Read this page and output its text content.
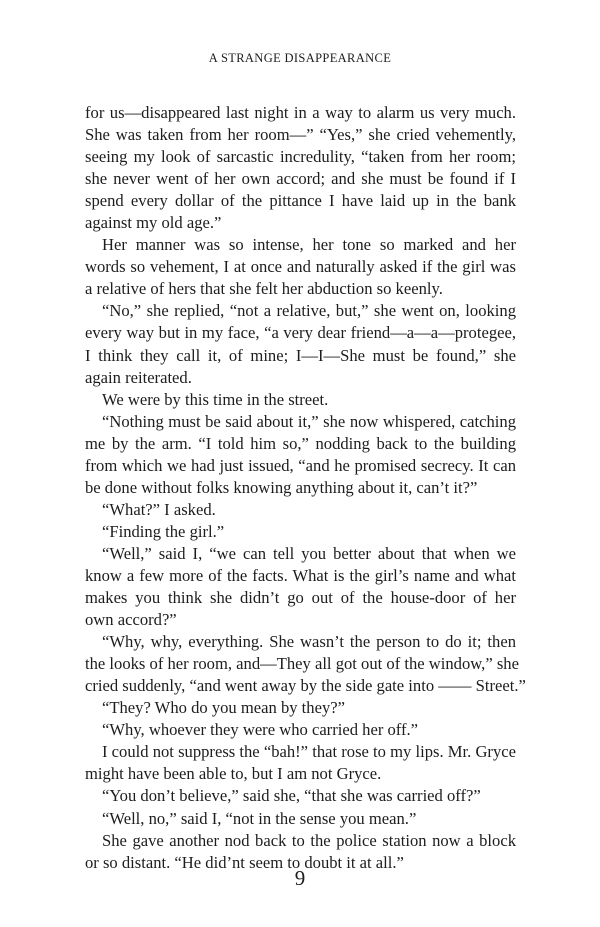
A STRANGE DISAPPEARANCE
for us—disappeared last night in a way to alarm us very much.
She was taken from her room—” “Yes,” she cried vehemently,
seeing my look of sarcastic incredulity, “taken from her room;
she never went of her own accord; and she must be found if I
spend every dollar of the pittance I have laid up in the bank
against my old age.”
Her manner was so intense, her tone so marked and her
words so vehement, I at once and naturally asked if the girl was
a relative of hers that she felt her abduction so keenly.
“No,” she replied, “not a relative, but,” she went on, looking
every way but in my face, “a very dear friend—a—a—protegee,
I think they call it, of mine; I—I—She must be found,” she
again reiterated.
We were by this time in the street.
“Nothing must be said about it,” she now whispered, catching
me by the arm. “I told him so,” nodding back to the building
from which we had just issued, “and he promised secrecy. It can
be done without folks knowing anything about it, can’t it?”
“What?” I asked.
“Finding the girl.”
“Well,” said I, “we can tell you better about that when we
know a few more of the facts. What is the girl’s name and what
makes you think she didn’t go out of the house-door of her
own accord?”
“Why, why, everything. She wasn’t the person to do it; then
the looks of her room, and—They all got out of the window,” she
cried suddenly, “and went away by the side gate into —— Street.”
“They? Who do you mean by they?”
“Why, whoever they were who carried her off.”
I could not suppress the “bah!” that rose to my lips. Mr. Gryce
might have been able to, but I am not Gryce.
“You don’t believe,” said she, “that she was carried off?”
“Well, no,” said I, “not in the sense you mean.”
She gave another nod back to the police station now a block
or so distant. “He did’nt seem to doubt it at all.”
9
